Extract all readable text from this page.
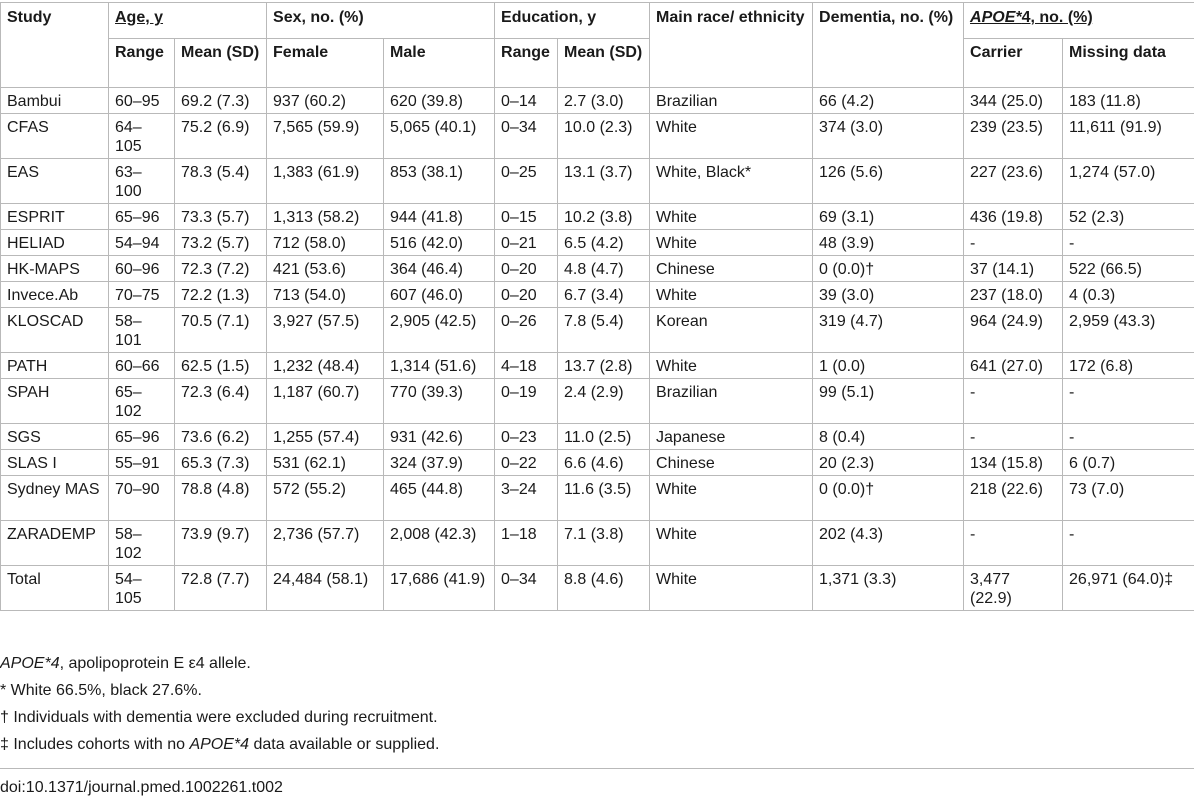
Study	Age, y		Sex, no. (%)		Education, y		Main race/ ethnicity	Dementia, no. (%)	APOE*4, no. (%)	
	Range	Mean (SD)	Female	Male	Range	Mean (SD)			Carrier	Missing data
Bambui	60–95	69.2 (7.3)	937 (60.2)	620 (39.8)	0–14	2.7 (3.0)	Brazilian	66 (4.2)	344 (25.0)	183 (11.8)
CFAS	64–105	75.2 (6.9)	7,565 (59.9)	5,065 (40.1)	0–34	10.0 (2.3)	White	374 (3.0)	239 (23.5)	11,611 (91.9)
EAS	63–100	78.3 (5.4)	1,383 (61.9)	853 (38.1)	0–25	13.1 (3.7)	White, Black*	126 (5.6)	227 (23.6)	1,274 (57.0)
ESPRIT	65–96	73.3 (5.7)	1,313 (58.2)	944 (41.8)	0–15	10.2 (3.8)	White	69 (3.1)	436 (19.8)	52 (2.3)
HELIAD	54–94	73.2 (5.7)	712 (58.0)	516 (42.0)	0–21	6.5 (4.2)	White	48 (3.9)	-	-
HK-MAPS	60–96	72.3 (7.2)	421 (53.6)	364 (46.4)	0–20	4.8 (4.7)	Chinese	0 (0.0)†	37 (14.1)	522 (66.5)
Invece.Ab	70–75	72.2 (1.3)	713 (54.0)	607 (46.0)	0–20	6.7 (3.4)	White	39 (3.0)	237 (18.0)	4 (0.3)
KLOSCAD	58–101	70.5 (7.1)	3,927 (57.5)	2,905 (42.5)	0–26	7.8 (5.4)	Korean	319 (4.7)	964 (24.9)	2,959 (43.3)
PATH	60–66	62.5 (1.5)	1,232 (48.4)	1,314 (51.6)	4–18	13.7 (2.8)	White	1 (0.0)	641 (27.0)	172 (6.8)
SPAH	65–102	72.3 (6.4)	1,187 (60.7)	770 (39.3)	0–19	2.4 (2.9)	Brazilian	99 (5.1)	-	-
SGS	65–96	73.6 (6.2)	1,255 (57.4)	931 (42.6)	0–23	11.0 (2.5)	Japanese	8 (0.4)	-	-
SLAS I	55–91	65.3 (7.3)	531 (62.1)	324 (37.9)	0–22	6.6 (4.6)	Chinese	20 (2.3)	134 (15.8)	6 (0.7)
Sydney MAS	70–90	78.8 (4.8)	572 (55.2)	465 (44.8)	3–24	11.6 (3.5)	White	0 (0.0)†	218 (22.6)	73 (7.0)
ZARADEMP	58–102	73.9 (9.7)	2,736 (57.7)	2,008 (42.3)	1–18	7.1 (3.8)	White	202 (4.3)	-	-
Total	54–105	72.8 (7.7)	24,484 (58.1)	17,686 (41.9)	0–34	8.8 (4.6)	White	1,371 (3.3)	3,477 (22.9)	26,971 (64.0)‡

APOE*4, apolipoprotein E ε4 allele.

* White 66.5%, black 27.6%.

† Individuals with dementia were excluded during recruitment.

‡ Includes cohorts with no APOE*4 data available or supplied.

doi:10.1371/journal.pmed.1002261.t002
